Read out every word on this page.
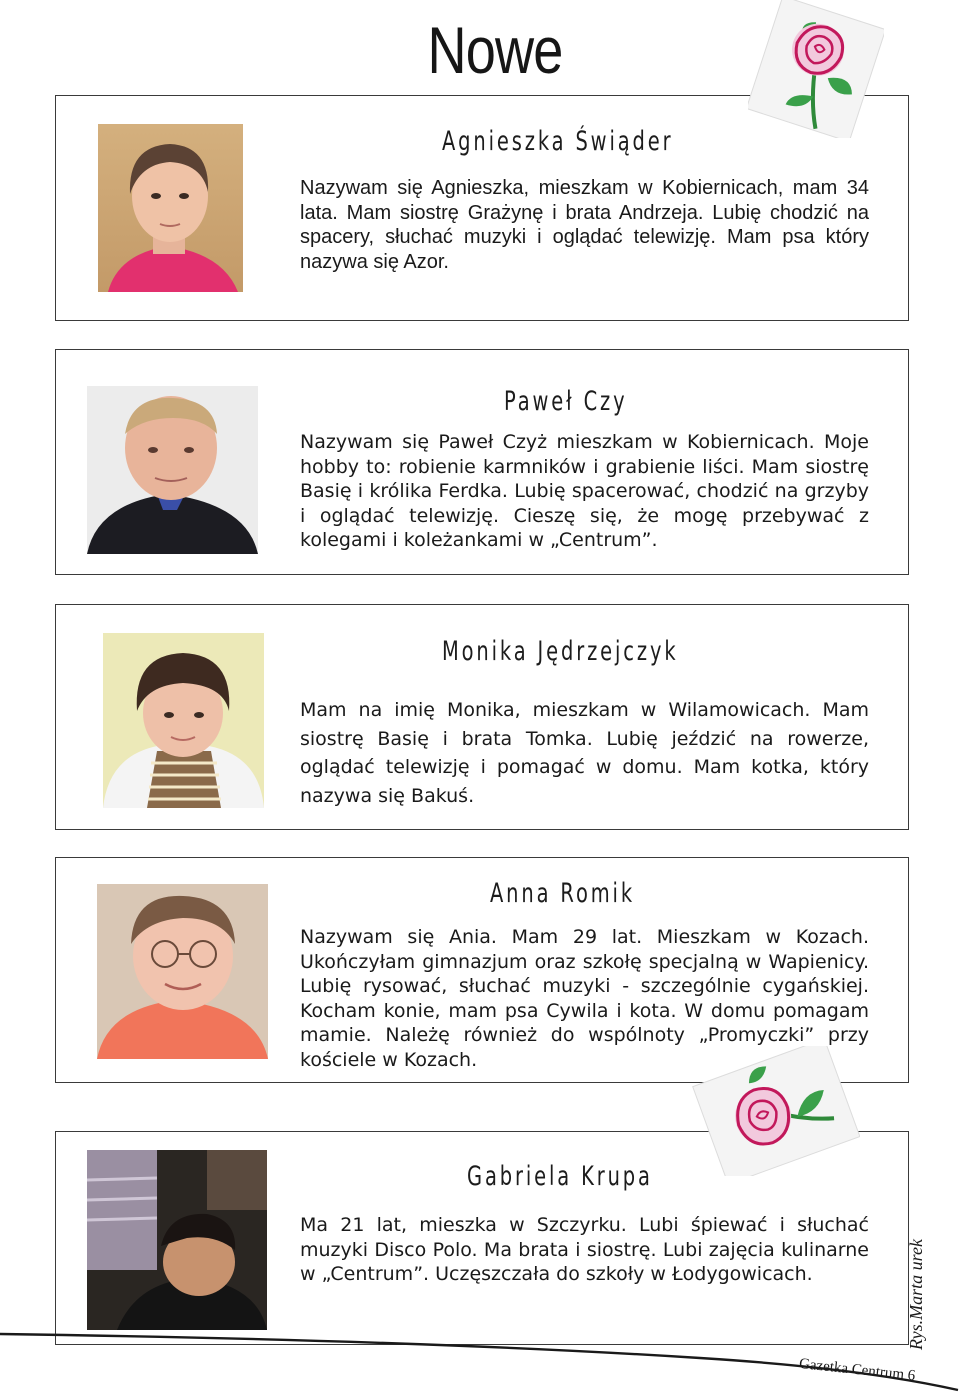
Nowe
Agnieszka Świąder
Nazywam się Agnieszka, mieszkam w Kobiernicach, mam 34 lata. Mam siostrę Grażynę i brata Andrzeja. Lubię chodzić na spacery, słuchać muzyki i oglądać telewizję. Mam psa który nazywa się Azor.
Paweł Czy
Nazywam się Paweł Czyż mieszkam w Kobiernicach. Moje hobby to: robienie karmników i grabienie liści. Mam siostrę Basię i królika Ferdka. Lubię spacerować, chodzić na grzyby i oglądać telewizję. Cieszę się, że mogę przebywać z kolegami i koleżankami w „Centrum”.
Monika Jędrzejczyk
Mam na imię Monika, mieszkam w Wilamowicach. Mam siostrę Basię i brata Tomka. Lubię jeździć na rowerze, oglądać telewizję i pomagać w domu. Mam kotka, który nazywa się Bakuś.
Anna Romik
Nazywam się Ania. Mam 29 lat. Mieszkam w Kozach. Ukończyłam gimnazjum oraz szkołę specjalną w Wapienicy. Lubię rysować, słuchać muzyki - szczególnie cygańskiej. Kocham konie, mam psa Cywila i kota. W domu pomagam mamie. Należę również do wspólnoty „Promyczki” przy kościele w Kozach.
Gabriela Krupa
Ma 21 lat, mieszka w Szczyrku. Lubi śpiewać i słuchać muzyki Disco Polo. Ma brata i siostrę. Lubi zajęcia kulinarne w „Centrum”. Uczęszczała do szkoły w Łodygowicach.	Rys.Marta urek
Gazetka Centrum 6
